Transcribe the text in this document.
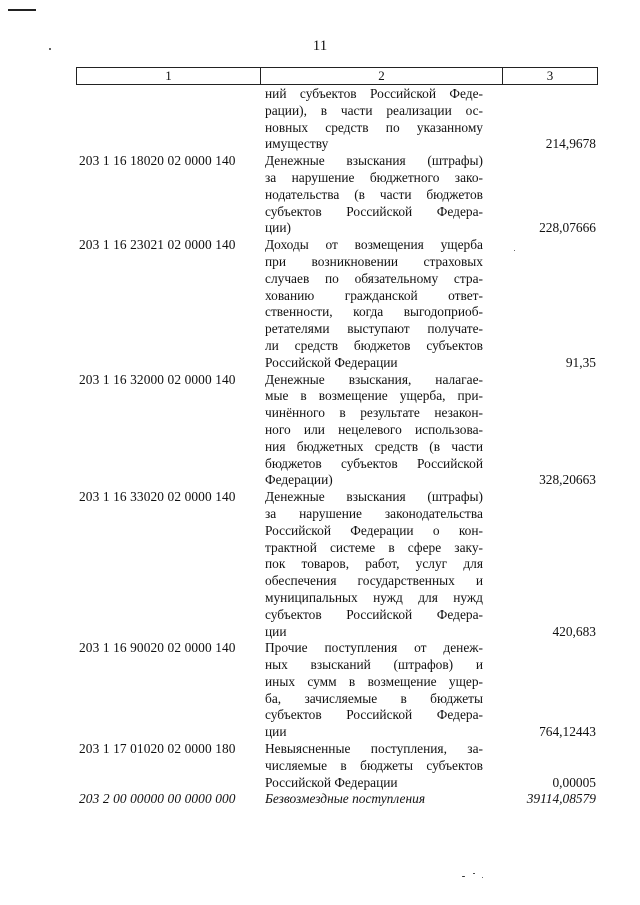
11
1	2	3
ний субъектов Российской Феде-
рации), в части реализации ос-
новных средств по указанному
имуществу	214,9678
203 1 16 18020 02 0000 140	Денежные взыскания (штрафы)
за нарушение бюджетного зако-
нодательства (в части бюджетов
субъектов Российской Федера-
ции)	228,07666
203 1 16 23021 02 0000 140	Доходы от возмещения ущерба
при возникновении страховых
случаев по обязательному стра-
хованию гражданской ответ-
ственности, когда выгодоприоб-
ретателями выступают получате-
ли средств бюджетов субъектов
Российской Федерации	91,35
203 1 16 32000 02 0000 140	Денежные взыскания, налагае-
мые в возмещение ущерба, при-
чинённого в результате незакон-
ного или нецелевого использова-
ния бюджетных средств (в части
бюджетов субъектов Российской
Федерации)	328,20663
203 1 16 33020 02 0000 140	Денежные взыскания (штрафы)
за нарушение законодательства
Российской Федерации о кон-
трактной системе в сфере заку-
пок товаров, работ, услуг для
обеспечения государственных и
муниципальных нужд для нужд
субъектов Российской Федера-
ции	420,683
203 1 16 90020 02 0000 140	Прочие поступления от денеж-
ных взысканий (штрафов) и
иных сумм в возмещение ущер-
ба, зачисляемые в бюджеты
субъектов Российской Федера-
ции	764,12443
203 1 17 01020 02 0000 180	Невыясненные поступления, за-
числяемые в бюджеты субъектов
Российской Федерации	0,00005
203 2 00 00000 00 0000 000	Безвозмездные поступления	39114,08579
